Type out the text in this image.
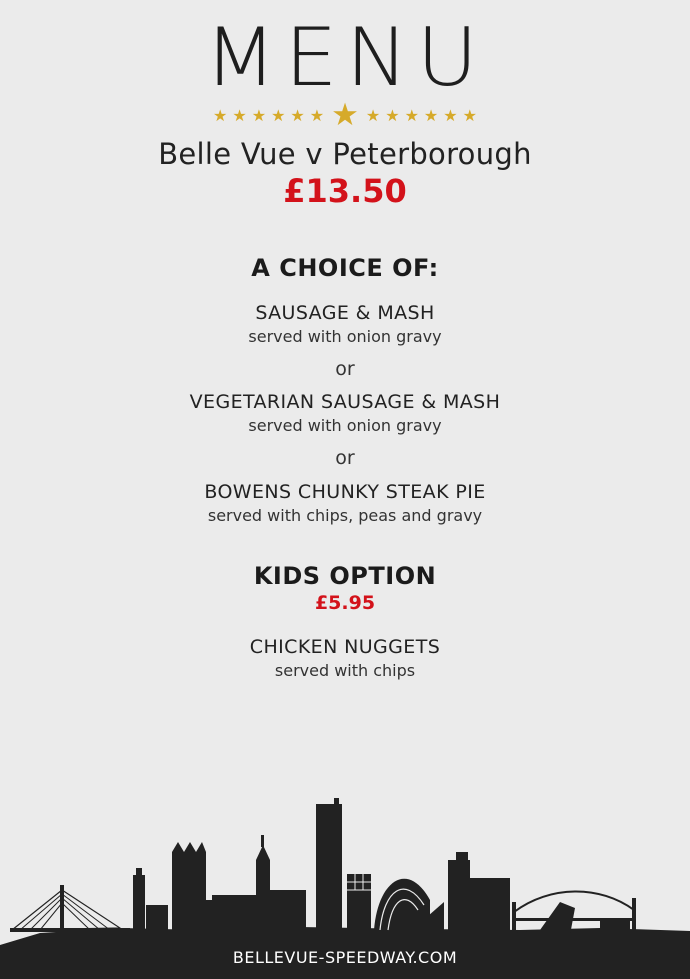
MENU
★ ★ ★ ★ ★ ★ ★ ★ ★ ★ ★ ★ ★
Belle Vue v Peterborough
£13.50
A CHOICE OF:
SAUSAGE & MASH
served with onion gravy
or
VEGETARIAN SAUSAGE & MASH
served with onion gravy
or
BOWENS CHUNKY STEAK PIE
served with chips, peas and gravy
KIDS OPTION
£5.95
CHICKEN NUGGETS
served with chips
BELLEVUE-SPEEDWAY.COM
